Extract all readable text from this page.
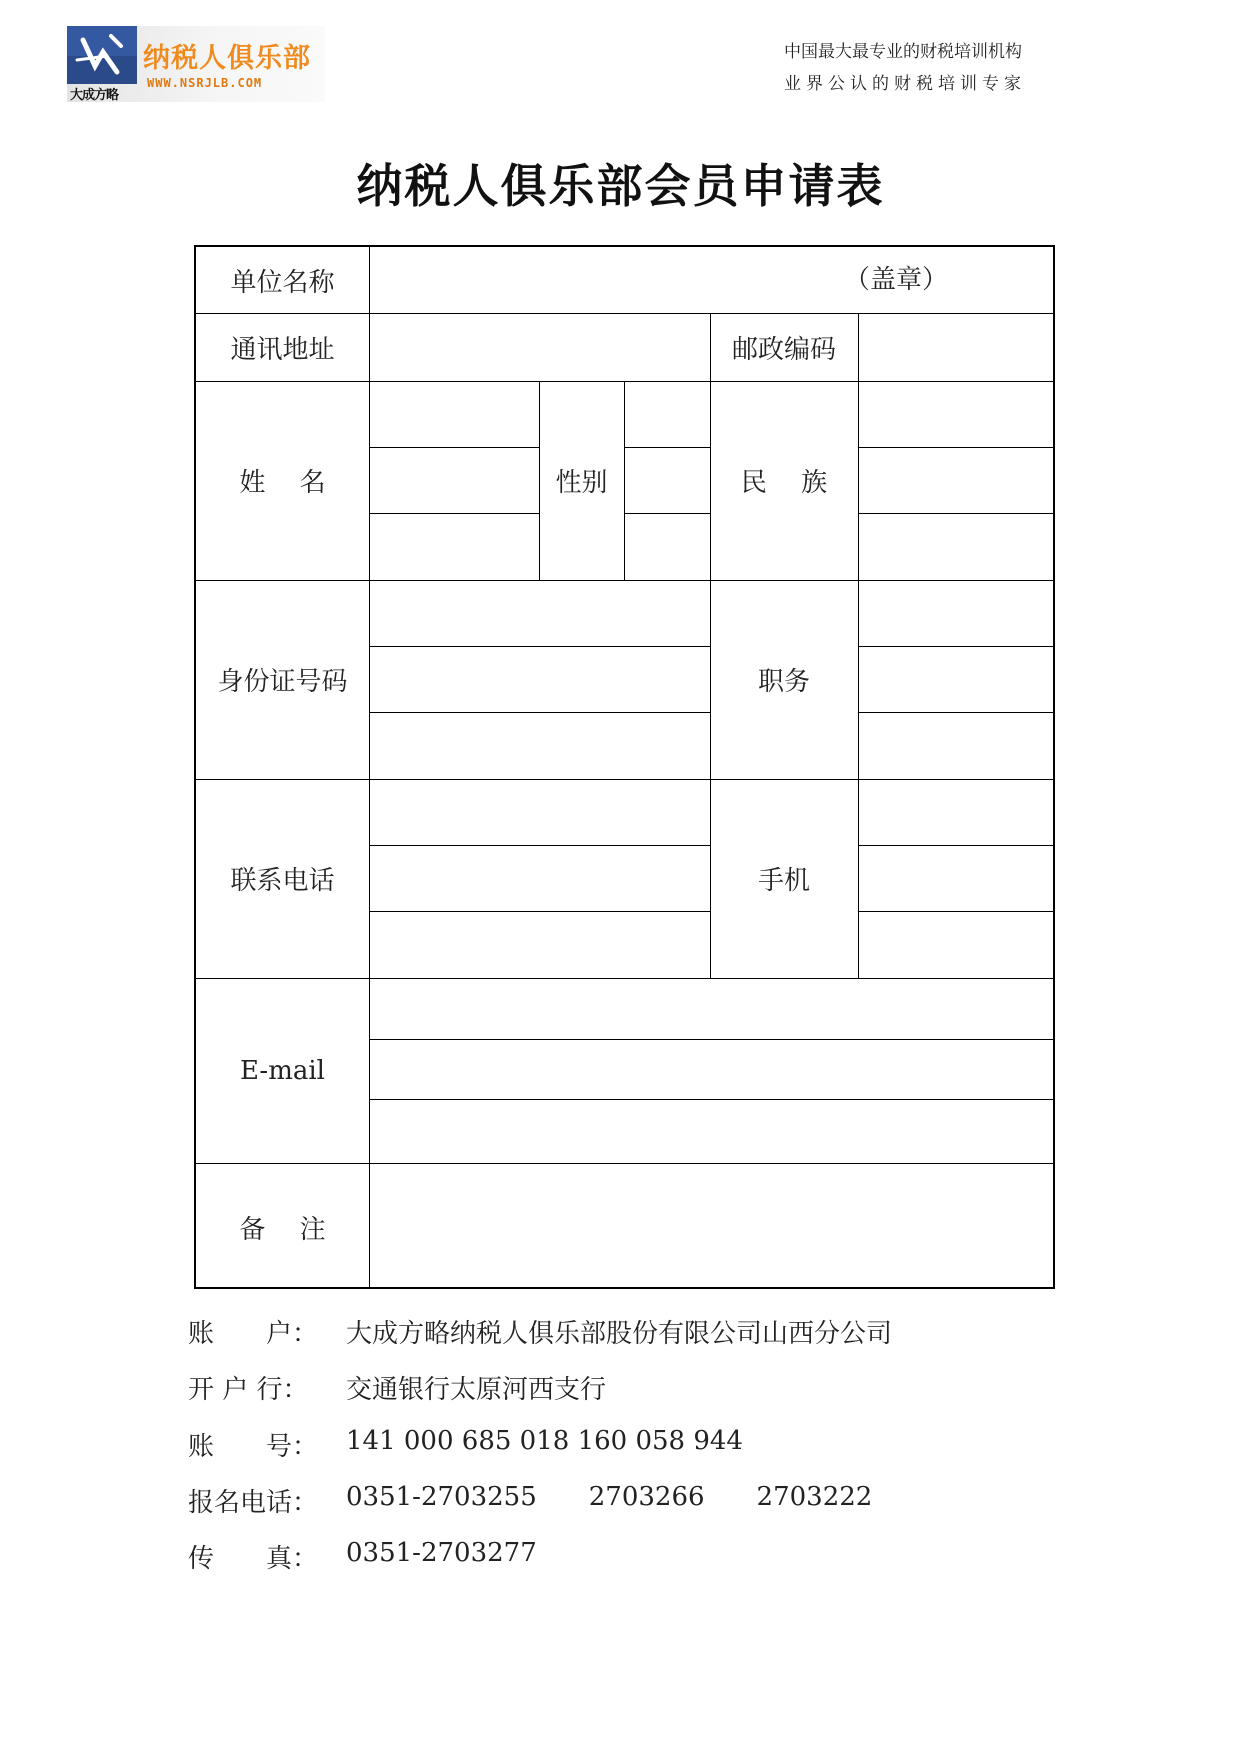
大成方略
纳税人俱乐部
WWW.NSRJLB.COM
中国最大最专业的财税培训机构
业界公认的财税培训专家
纳税人俱乐部会员申请表
单位名称	（盖章）
通讯地址	邮政编码
姓　 名	性别	民　 族
身份证号码	职务
联系电话	手机
E-mail
备　 注
账　　户： 大成方略纳税人俱乐部股份有限公司山西分公司
开 户 行： 交通银行太原河西支行
账　　号： 141 000 685 018 160 058 944
报名电话： 0351-2703255 2703266 2703222
传　　真： 0351-2703277
